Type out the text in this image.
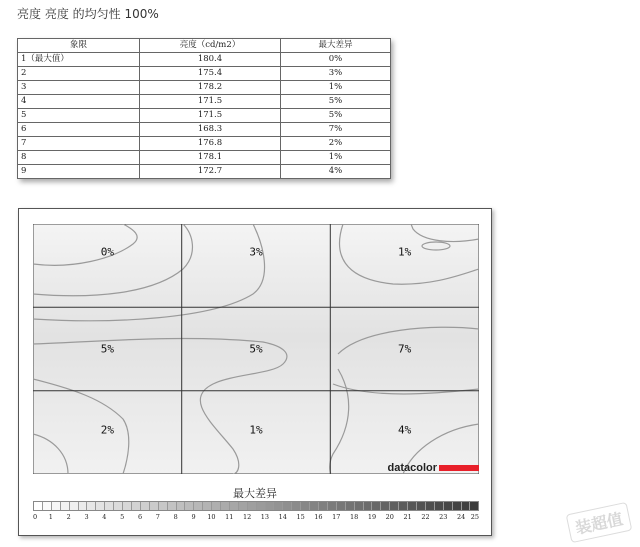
亮度 亮度 的均匀性 100%
象限	亮度（cd/m2）	最大差异
1（最大值）	180.4	0%
2	175.4	3%
3	178.2	1%
4	171.5	5%
5	171.5	5%
6	168.3	7%
7	176.8	2%
8	178.1	1%
9	172.7	4%
0%	3%	1%
5%	5%	7%
2%	1%	4%
datacolor
最大差异
0 1 2 3 4 5 6 7 8 9 10 11 12 13 14 15 16 17 18 19 20 21 22 23 24 25	装超值
